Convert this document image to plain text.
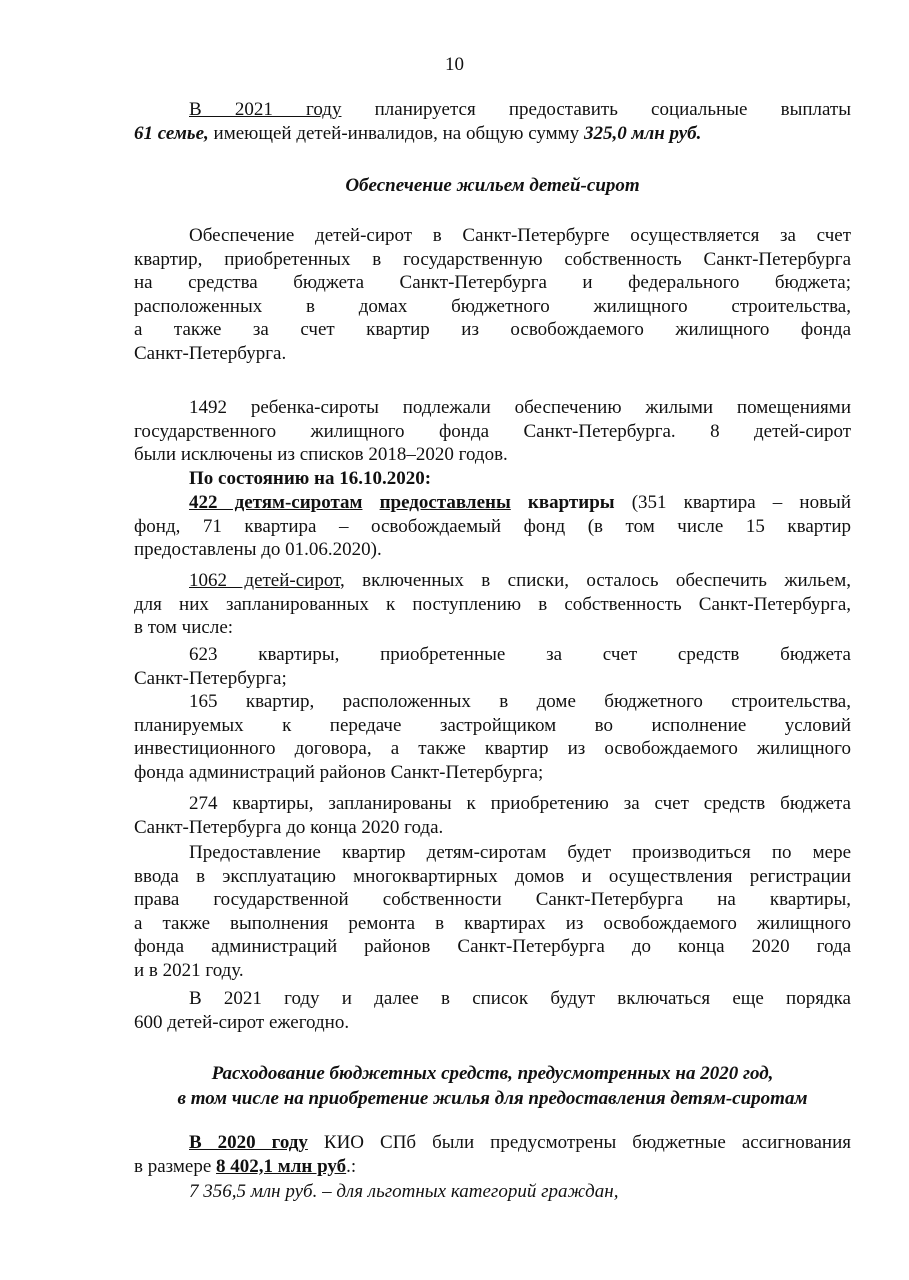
10
В 2021 году планируется предоставить социальные выплаты
61 семье, имеющей детей-инвалидов, на общую сумму 325,0 млн руб.
Обеспечение жильем детей-сирот
Обеспечение детей-сирот в Санкт-Петербурге осуществляется за счет
квартир, приобретенных в государственную собственность Санкт-Петербурга
на средства бюджета Санкт-Петербурга и федерального бюджета;
расположенных в домах бюджетного жилищного строительства,
а также за счет квартир из освобождаемого жилищного фонда
Санкт-Петербурга.
1492 ребенка-сироты подлежали обеспечению жилыми помещениями
государственного жилищного фонда Санкт-Петербурга. 8 детей-сирот
были исключены из списков 2018–2020 годов.
По состоянию на 16.10.2020:
422 детям-сиротам предоставлены квартиры (351 квартира – новый
фонд, 71 квартира – освобождаемый фонд (в том числе 15 квартир
предоставлены до 01.06.2020).
1062 детей-сирот, включенных в списки, осталось обеспечить жильем,
для них запланированных к поступлению в собственность Санкт-Петербурга,
в том числе:
623 квартиры, приобретенные за счет средств бюджета
Санкт-Петербурга;
165 квартир, расположенных в доме бюджетного строительства,
планируемых к передаче застройщиком во исполнение условий
инвестиционного договора, а также квартир из освобождаемого жилищного
фонда администраций районов Санкт-Петербурга;
274 квартиры, запланированы к приобретению за счет средств бюджета
Санкт-Петербурга до конца 2020 года.
Предоставление квартир детям-сиротам будет производиться по мере
ввода в эксплуатацию многоквартирных домов и осуществления регистрации
права государственной собственности Санкт-Петербурга на квартиры,
а также выполнения ремонта в квартирах из освобождаемого жилищного
фонда администраций районов Санкт-Петербурга до конца 2020 года
и в 2021 году.
В 2021 году и далее в список будут включаться еще порядка
600 детей-сирот ежегодно.
Расходование бюджетных средств, предусмотренных на 2020 год,
в том числе на приобретение жилья для предоставления детям-сиротам
В 2020 году КИО СПб были предусмотрены бюджетные ассигнования
в размере 8 402,1 млн руб.:
7 356,5 млн руб. – для льготных категорий граждан,
